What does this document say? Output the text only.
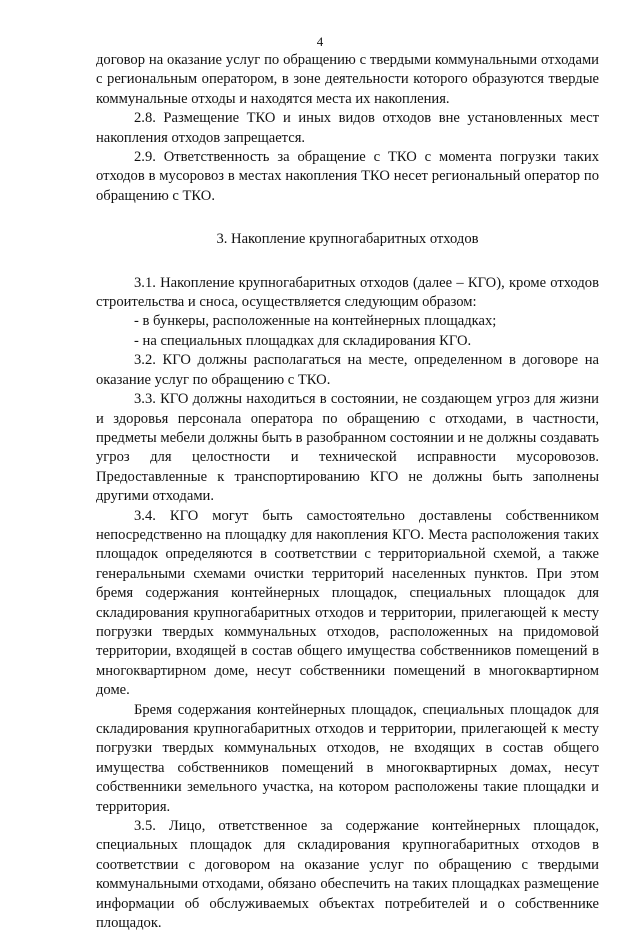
4

договор на оказание услуг по обращению с твердыми коммунальными отходами с региональным оператором, в зоне деятельности которого образуются твердые коммунальные отходы и находятся места их накопления.

2.8. Размещение ТКО и иных видов отходов вне установленных мест накопления отходов запрещается.

2.9. Ответственность за обращение с ТКО с момента погрузки таких отходов в мусоровоз в местах накопления ТКО несет региональный оператор по обращению с ТКО.

3. Накопление крупногабаритных отходов

3.1. Накопление крупногабаритных отходов (далее – КГО), кроме отходов строительства и сноса, осуществляется следующим образом:

- в бункеры, расположенные на контейнерных площадках;

- на специальных площадках для складирования КГО.

3.2. КГО должны располагаться на месте, определенном в договоре на оказание услуг по обращению с ТКО.

3.3. КГО должны находиться в состоянии, не создающем угроз для жизни и здоровья персонала оператора по обращению с отходами, в частности, предметы мебели должны быть в разобранном состоянии и не должны создавать угроз для целостности и технической исправности мусоровозов. Предоставленные к транспортированию КГО не должны быть заполнены другими отходами.

3.4. КГО могут быть самостоятельно доставлены собственником непосредственно на площадку для накопления КГО. Места расположения таких площадок определяются в соответствии с территориальной схемой, а также генеральными схемами очистки территорий населенных пунктов. При этом бремя содержания контейнерных площадок, специальных площадок для складирования крупногабаритных отходов и территории, прилегающей к месту погрузки твердых коммунальных отходов, расположенных на придомовой территории, входящей в состав общего имущества собственников помещений в многоквартирном доме, несут собственники помещений в многоквартирном доме.

Бремя содержания контейнерных площадок, специальных площадок для складирования крупногабаритных отходов и территории, прилегающей к месту погрузки твердых коммунальных отходов, не входящих в состав общего имущества собственников помещений в многоквартирных домах, несут собственники земельного участка, на котором расположены такие площадки и территория.

3.5. Лицо, ответственное за содержание контейнерных площадок, специальных площадок для складирования крупногабаритных отходов в соответствии с договором на оказание услуг по обращению с твердыми коммунальными отходами, обязано обеспечить на таких площадках размещение информации об обслуживаемых объектах потребителей и о собственнике площадок.
